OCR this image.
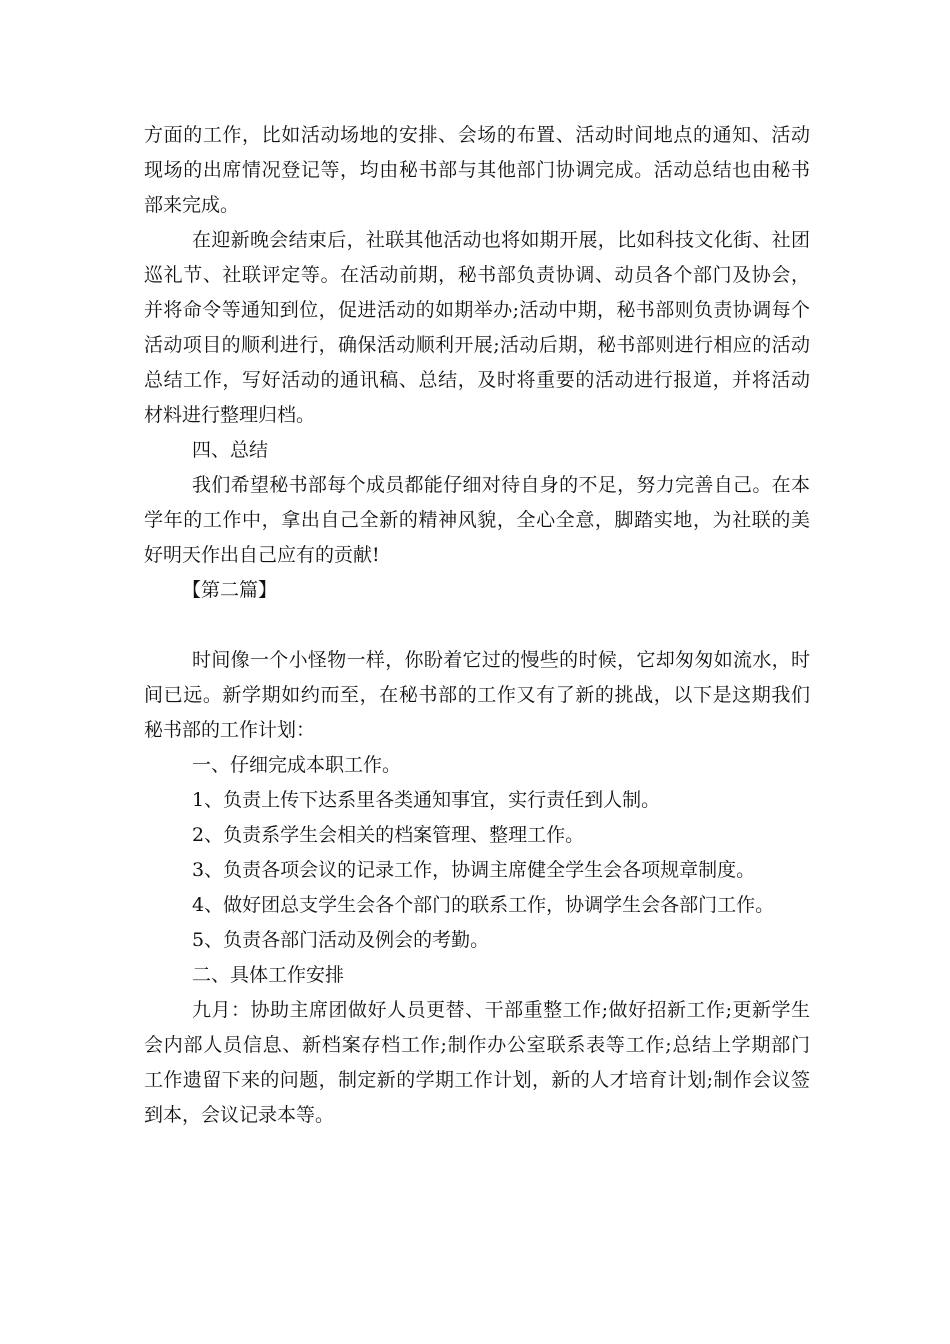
方面的工作，比如活动场地的安排、会场的布置、活动时间地点的通知、活动
现场的出席情况登记等，均由秘书部与其他部门协调完成。活动总结也由秘书
部来完成。
在迎新晚会结束后，社联其他活动也将如期开展，比如科技文化街、社团
巡礼节、社联评定等。在活动前期，秘书部负责协调、动员各个部门及协会，
并将命令等通知到位，促进活动的如期举办;活动中期，秘书部则负责协调每个
活动项目的顺利进行，确保活动顺利开展;活动后期，秘书部则进行相应的活动
总结工作，写好活动的通讯稿、总结，及时将重要的活动进行报道，并将活动
材料进行整理归档。
四、总结
我们希望秘书部每个成员都能仔细对待自身的不足，努力完善自己。在本
学年的工作中，拿出自己全新的精神风貌，全心全意，脚踏实地，为社联的美
好明天作出自己应有的贡献!
【第二篇】
时间像一个小怪物一样，你盼着它过的慢些的时候，它却匆匆如流水，时
间已远。新学期如约而至，在秘书部的工作又有了新的挑战，以下是这期我们
秘书部的工作计划：
一、仔细完成本职工作。
1、负责上传下达系里各类通知事宜，实行责任到人制。
2、负责系学生会相关的档案管理、整理工作。
3、负责各项会议的记录工作，协调主席健全学生会各项规章制度。
4、做好团总支学生会各个部门的联系工作，协调学生会各部门工作。
5、负责各部门活动及例会的考勤。
二、具体工作安排
九月：协助主席团做好人员更替、干部重整工作;做好招新工作;更新学生
会内部人员信息、新档案存档工作;制作办公室联系表等工作;总结上学期部门
工作遗留下来的问题，制定新的学期工作计划，新的人才培育计划;制作会议签
到本，会议记录本等。
